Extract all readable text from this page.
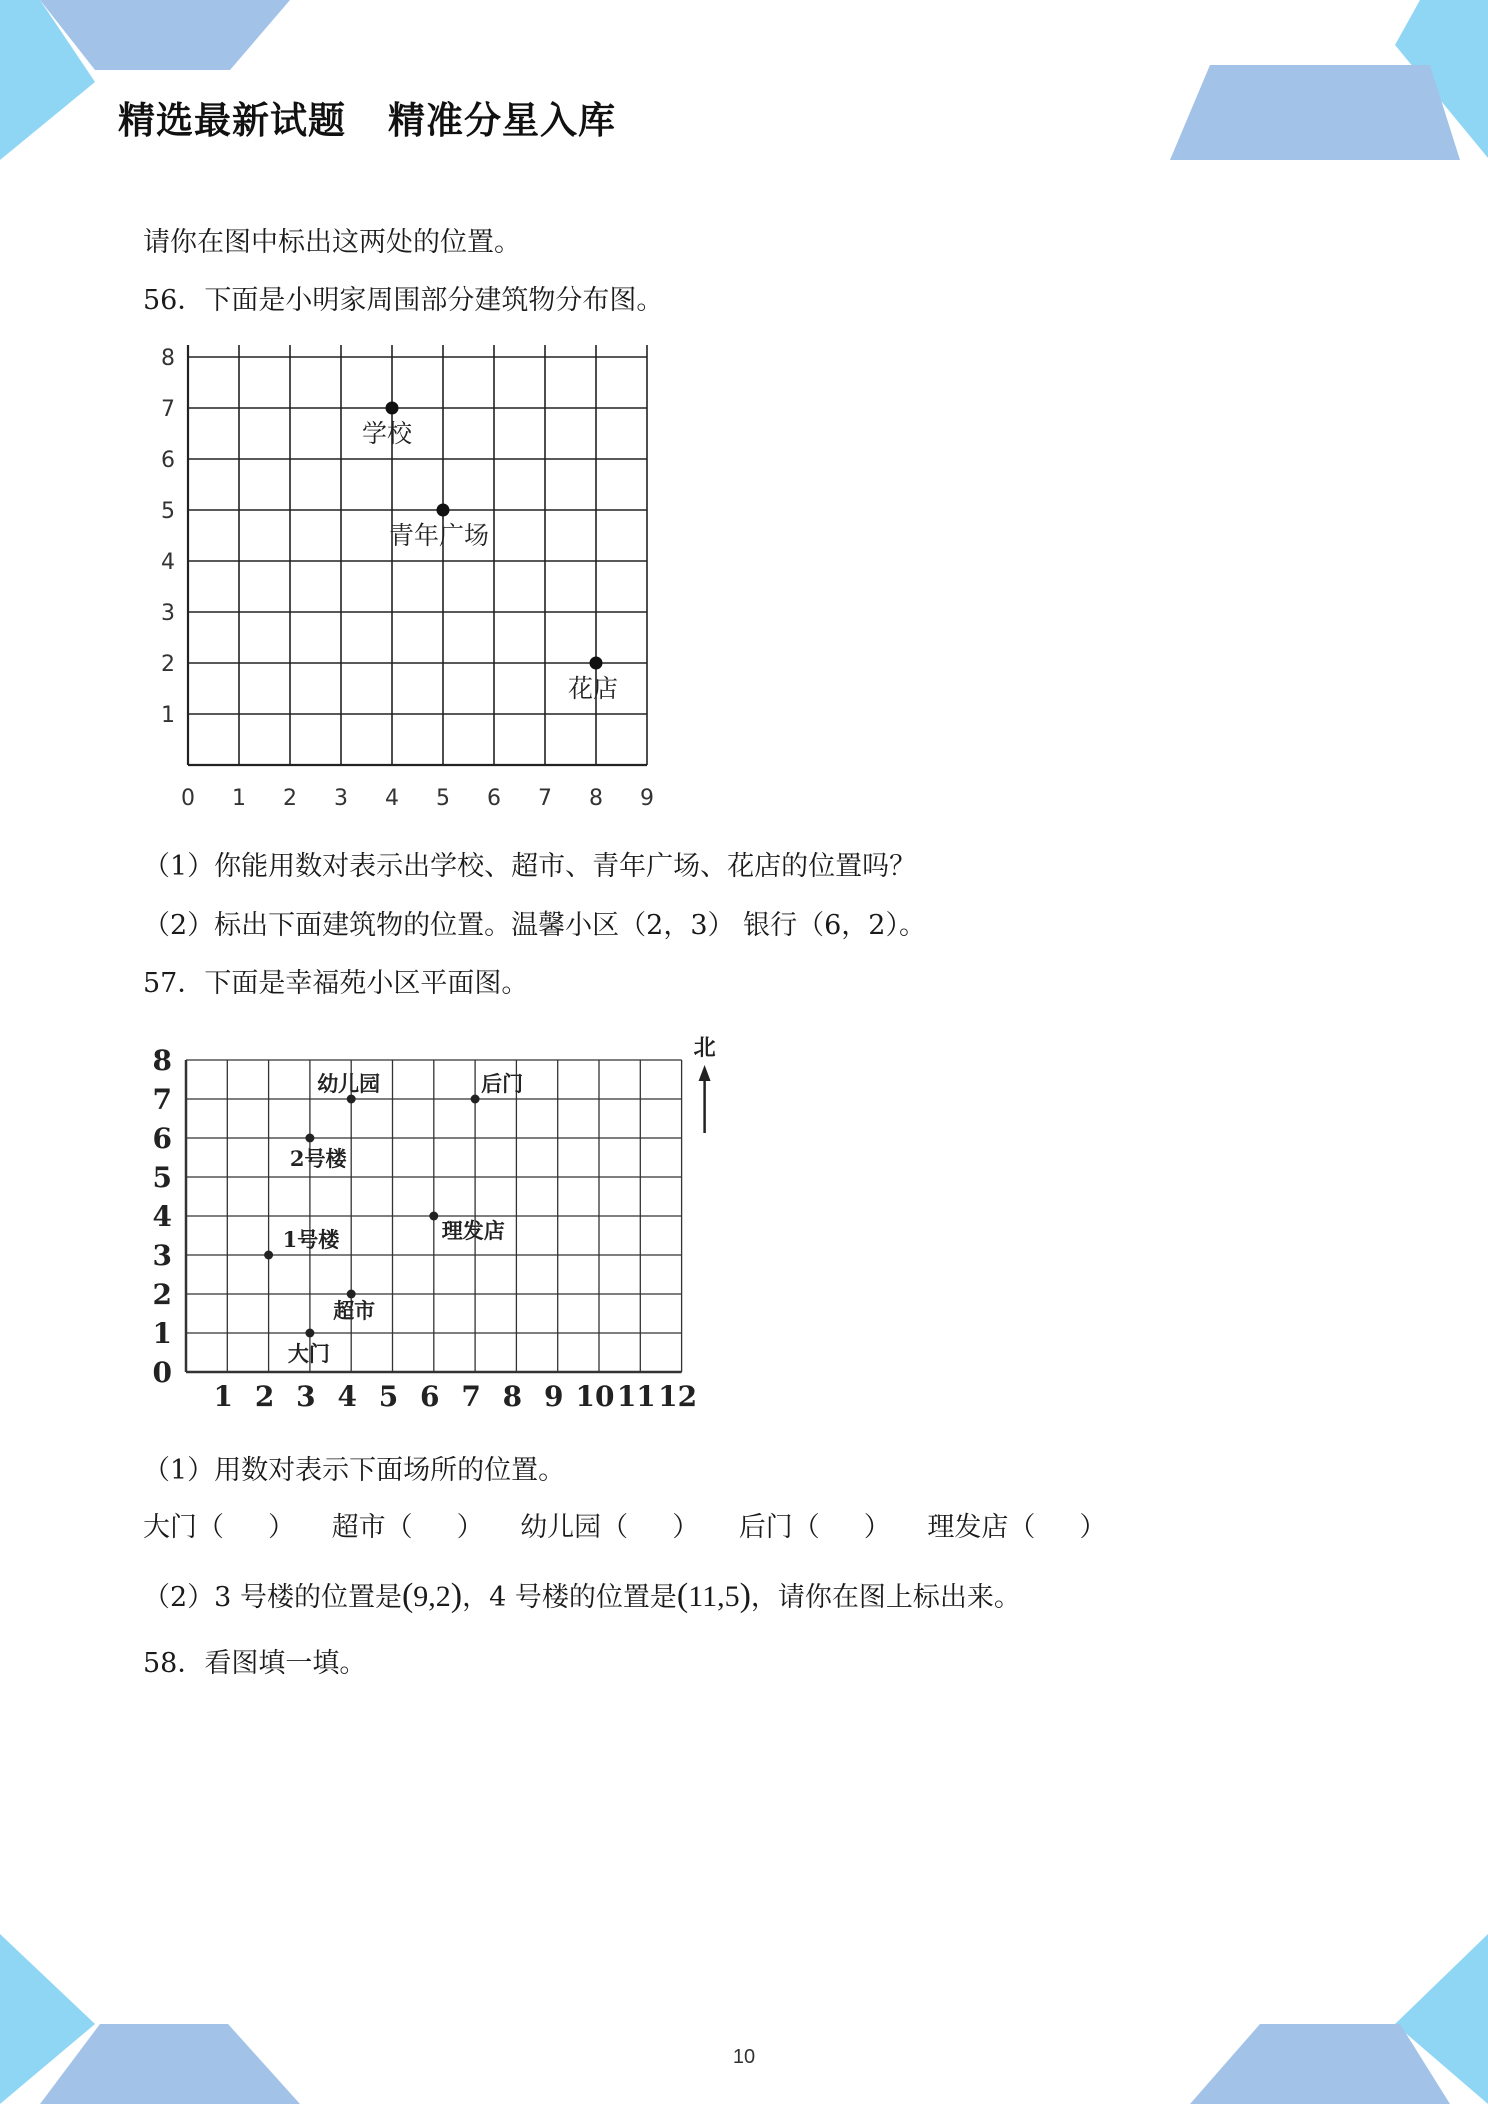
精选最新试题 精准分星入库
请你在图中标出这两处的位置。
56．下面是小明家周围部分建筑物分布图。
0 1 2 3 4 5 6 7 8 9
1
2
3
4
5
6
7
8
学校
青年广场
花店
（1）你能用数对表示出学校、超市、青年广场、花店的位置吗？
（2）标出下面建筑物的位置。温馨小区（2，3） 银行（6，2）。
57．下面是幸福苑小区平面图。
1 2 3 4 5 6 7 8 9 10 11 12
0
1
2
3
4
5
6
7
8
幼儿园	后门
2号楼
理发店
1号楼
超市
大门
北
（1）用数对表示下面场所的位置。
大门（ ） 超市（ ） 幼儿园（ ） 后门（ ） 理发店（ ）
（2）3 号楼的位置是(9,2)，4 号楼的位置是(11,5)，请你在图上标出来。
58．看图填一填。
10
